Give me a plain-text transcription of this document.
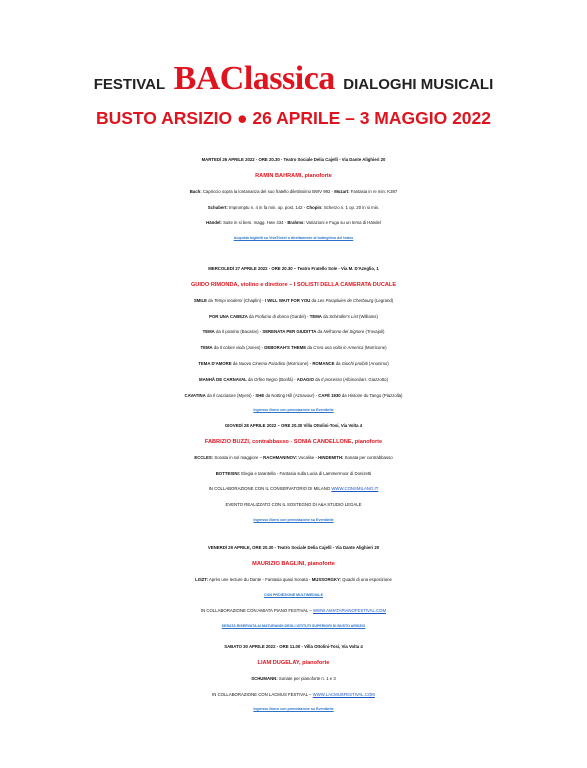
FESTIVAL BAClassica DIALOGHI MUSICALI
BUSTO ARSIZIO ● 26 APRILE – 3 MAGGIO 2022
MARTEDÌ 26 APRILE 2022 - ORE 20.30 - Teatro Sociale Delia Cajelli - Via Dante Alighieri 20
RAMIN BAHRAMI, pianoforte
Bach: Capriccio sopra la lontananza del suo fratello dilettissimo BWV 992 - Mozart: Fantasia in re min. K397
Schubert: Impromptu n. 4 in fa min. op. post. 142 - Chopin: Scherzo n. 1 op. 20 in si min.
Händel: Suite in si bem. magg. Hwv 434 - Brahms: Variazioni e Fuga su un tema di Händel
Acquisto biglietti su VivaTicket o direttamente al botteghino del teatro
MERCOLEDÌ 27 APRILE 2022 - ORE 20.30 – Teatro Fratello Sole - Via M. D'Azeglio, 1
GUIDO RIMONDA, violino e direttore – I SOLISTI DELLA CAMERATA DUCALE
SMILE da Tempi moderni (Chaplin) - I WILL WAIT FOR YOU da Les Parapluies de Cherbourg (Legrand)
POR UNA CABEZA da Profumo di donna (Gardel) - TEMA da Schindler's List (Williams)
TEMA da Il postino (Bacalov) - SERENATA PER GIUDITTA da Nell'anno del Signore (Trovajoli)
TEMA da Il colore viola (Jones) - DEBORAH'S THEME da C'era una volta in America (Morricone)
TEMA D'AMORE da Nuovo Cinema Paradiso (Morricone) - ROMANCE da Giochi proibiti (Anonimo)
MANHÃ DE CARNAVAL da Orfeo Negro (Bonfá) - ADAGIO da Il processo (Albinoni/arr. Giazzotto)
CAVATINA da Il cacciatore (Myers) - SHE da Notting Hill (Aznavour) - CAFÉ 1930 da Histoire du Tango (Piazzolla)
Ingresso libero con prenotazione su Eventbrite
GIOVEDÌ 28 APRILE 2022 – ORE 20.30 Villa Ottolini-Tosi, Via Volta 4
FABRIZIO BUZZI, contrabbasso - SONIA CANDELLONE, pianoforte
ECCLES: Sonata in sol maggiore – RACHMANINOV: Vocalise - HINDEMITH: Sonata per contrabbasso
BOTTESINI: Elegia e tarantella - Fantasia sulla Lucia di Lammermoor di Donizetti
IN COLLABORAZIONE CON IL CONSERVATORIO DI MILANO WWW.CONSMILANO.IT
EVENTO REALIZZATO CON IL SOSTEGNO DI A&A STUDIO LEGALE
Ingresso libero con prenotazione su Eventbrite
VENERDÌ 29 APRILE, ORE 20.30 - Teatro Sociale Delia Cajelli - Via Dante Alighieri 20
MAURIZIO BAGLINI, pianoforte
LISZT: Après une lecture du Dante - Fantasia quasi Sonata - MUSSORGKY: Quadri di una esposizione
CON PROIEZIONE MULTIMEDIALE
IN COLLABORAZIONE CON AMIATA PIANO FESTIVAL – WWW.AMIATAPIANOFESTIVAL.COM
SERATA RISERVATA AI MATURANDI DEGLI ISTITUTI SUPERIORI DI BUSTO ARSIZIO
SABATO 30 APRILE 2022 - ORE 11.00 - Villa Ottolini-Tosi, Via Volta 4
LIAM DUGELAY, pianoforte
SCHUMANN: Sonate per pianoforte n. 1 e 3
IN COLLABORAZIONE CON LACMUS FESTIVAL – WWW.LACMUSFESTIVAL.COM
Ingresso libero con prenotazione su Eventbrite
